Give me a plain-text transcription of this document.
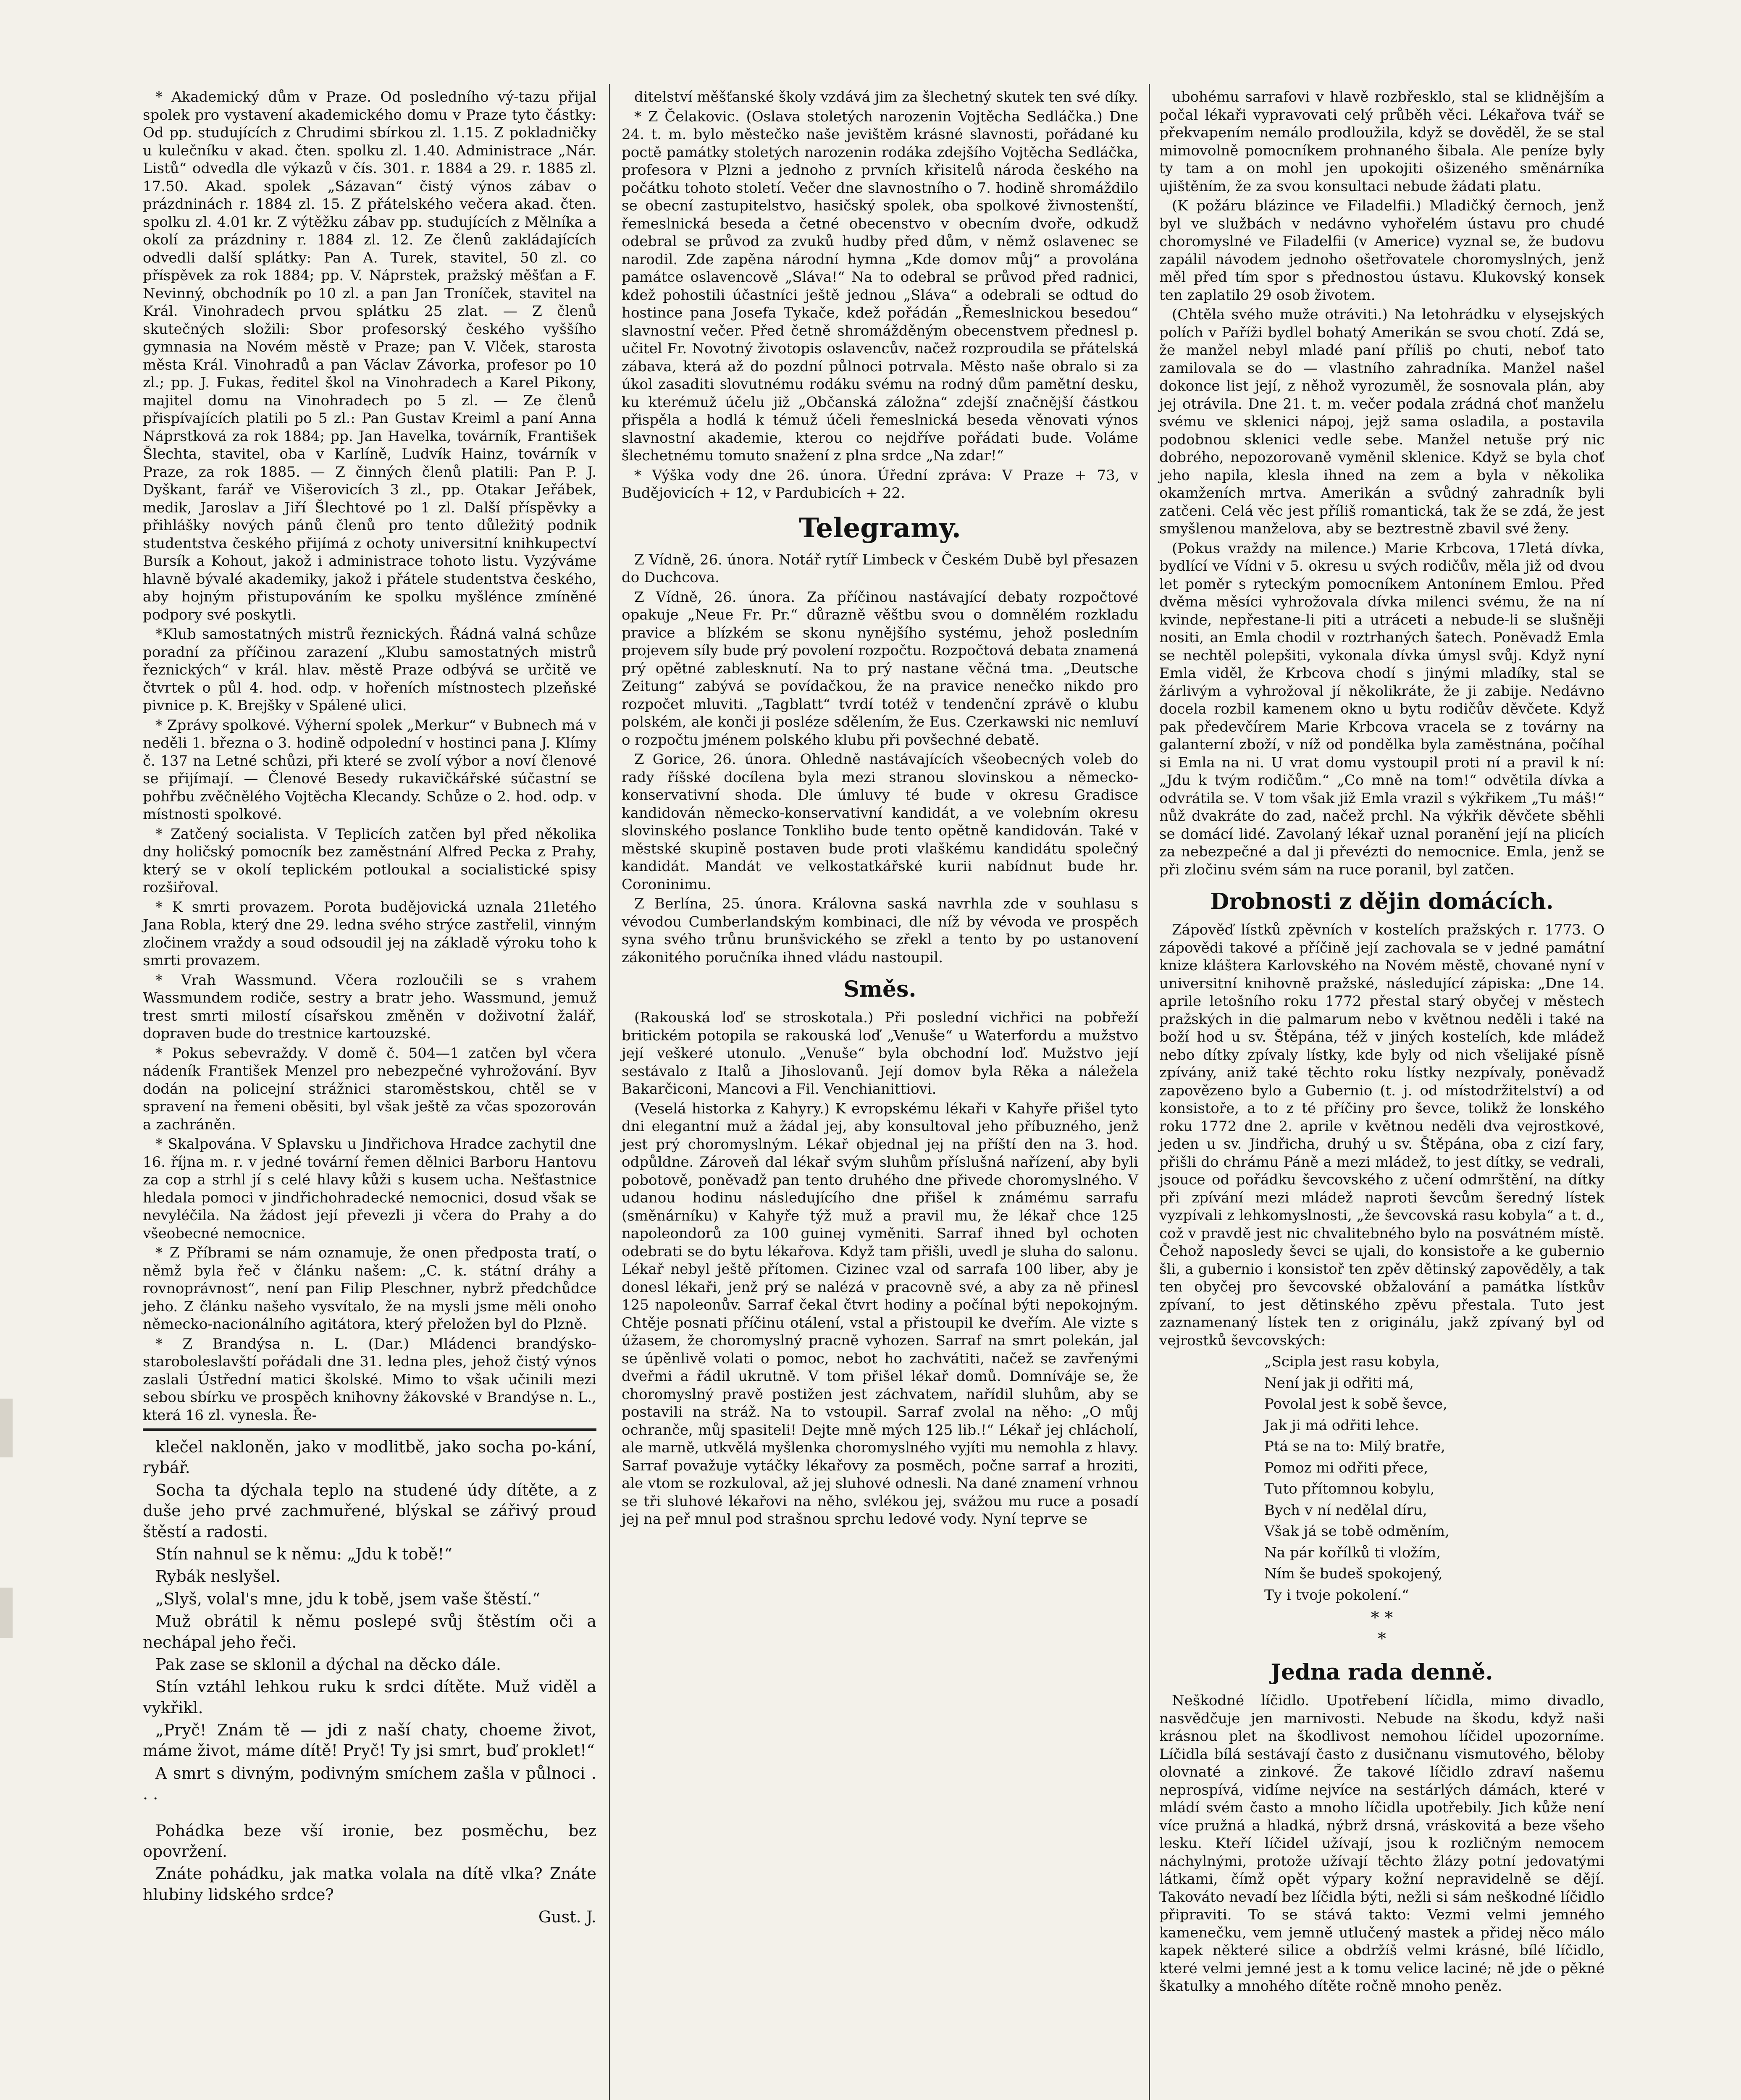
* Akademický dům v Praze. Od posledního vý-tazu přijal spolek pro vystavení akademického domu v Praze tyto částky: Od pp. studujících z Chrudimi sbírkou zl. 1.15. Z pokladničky u kulečníku v akad. čten. spolku zl. 1.40. Administrace „Nár. Listů“ odvedla dle výkazů v čís. 301. r. 1884 a 29. r. 1885 zl. 17.50. Akad. spolek „Sázavan“ čistý výnos zábav o prázdninách r. 1884 zl. 15. Z přátelského večera akad. čten. spolku zl. 4.01 kr. Z výtěžku zábav pp. studujících z Mělníka a okolí za prázdniny r. 1884 zl. 12. Ze členů zakládajících odvedli další splátky: Pan A. Turek, stavitel, 50 zl. co příspěvek za rok 1884; pp. V. Náprstek, pražský měšťan a F. Nevinný, obchodník po 10 zl. a pan Jan Troníček, stavitel na Král. Vinohradech prvou splátku 25 zlat. — Z členů skutečných složili: Sbor profesorský českého vyššího gymnasia na Novém městě v Praze; pan V. Vlček, starosta města Král. Vinohradů a pan Václav Závorka, profesor po 10 zl.; pp. J. Fukas, ředitel škol na Vinohradech a Karel Pikony, majitel domu na Vinohradech po 5 zl. — Ze členů přispívajících platili po 5 zl.: Pan Gustav Kreiml a paní Anna Náprstková za rok 1884; pp. Jan Havelka, továrník, František Šlechta, stavitel, oba v Karlíně, Ludvík Hainz, továrník v Praze, za rok 1885. — Z činných členů platili: Pan P. J. Dyškant, farář ve Višerovicích 3 zl., pp. Otakar Jeřábek, medik, Jaroslav a Jiří Šlechtové po 1 zl. Další příspěvky a přihlášky nových pánů členů pro tento důležitý podnik studentstva českého přijímá z ochoty universitní knihkupectví Bursík a Kohout, jakož i administrace tohoto listu. Vyzýváme hlavně bývalé akademiky, jakož i přátele studentstva českého, aby hojným přistupováním ke spolku myšlénce zmíněné podpory své poskytli.

*Klub samostatných mistrů řeznických. Řádná valná schůze poradní za příčinou zarazení „Klubu samostatných mistrů řeznických“ v král. hlav. městě Praze odbývá se určitě ve čtvrtek o půl 4. hod. odp. v hořeních místnostech plzeňské pivnice p. K. Brejšky v Spálené ulici.

* Zprávy spolkové. Výherní spolek „Merkur“ v Bubnech má v neděli 1. března o 3. hodině odpolední v hostinci pana J. Klímy č. 137 na Letné schůzi, při které se zvolí výbor a noví členové se přijímají. — Členové Besedy rukavičkářské súčastní se pohřbu zvěčnělého Vojtěcha Klecandy. Schůze o 2. hod. odp. v místnosti spolkové.

* Zatčený socialista. V Teplicích zatčen byl před několika dny holičský pomocník bez zaměstnání Alfred Pecka z Prahy, který se v okolí teplickém potloukal a socialistické spisy rozšiřoval.

* K smrti provazem. Porota budějovická uznala 21letého Jana Robla, který dne 29. ledna svého strýce zastřelil, vinným zločinem vraždy a soud odsoudil jej na základě výroku toho k smrti provazem.

* Vrah Wassmund. Včera rozloučili se s vrahem Wassmundem rodiče, sestry a bratr jeho. Wassmund, jemuž trest smrti milostí císařskou změněn v doživotní žalář, dopraven bude do trestnice kartouzské.

* Pokus sebevraždy. V domě č. 504—1 zatčen byl včera nádeník František Menzel pro nebezpečné vyhrožování. Byv dodán na policejní strážnici staroměstskou, chtěl se v spravení na řemeni oběsiti, byl však ještě za včas spozorován a zachráněn.

* Skalpována. V Splavsku u Jindřichova Hradce zachytil dne 16. října m. r. v jedné tovární řemen dělnici Barboru Hantovu za cop a strhl jí s celé hlavy kůži s kusem ucha. Nešťastnice hledala pomoci v jindřichohradecké nemocnici, dosud však se nevyléčila. Na žádost její převezli ji včera do Prahy a do všeobecné nemocnice.

* Z Příbrami se nám oznamuje, že onen předposta tratí, o němž byla řeč v článku našem: „C. k. státní dráhy a rovnoprávnost“, není pan Filip Pleschner, nybrž předchůdce jeho. Z článku našeho vysvítalo, že na mysli jsme měli onoho německo-nacionálního agitátora, který přeložen byl do Plzně.

* Z Brandýsa n. L. (Dar.) Mládenci brandýsko-staroboleslavští pořádali dne 31. ledna ples, jehož čistý výnos zaslali Ústřední matici školské. Mimo to však učinili mezi sebou sbírku ve prospěch knihovny žákovské v Brandýse n. L., která 16 zl. vynesla. Ře-

klečel nakloněn, jako v modlitbě, jako socha po-kání, rybář.

Socha ta dýchala teplo na studené údy dítěte, a z duše jeho prvé zachmuřené, blýskal se zářivý proud štěstí a radosti.

Stín nahnul se k němu: „Jdu k tobě!“

Rybák neslyšel.

„Slyš, volal's mne, jdu k tobě, jsem vaše štěstí.“

Muž obrátil k němu poslepé svůj štěstím oči a nechápal jeho řeči.

Pak zase se sklonil a dýchal na děcko dále.

Stín vztáhl lehkou ruku k srdci dítěte. Muž viděl a vykřikl.

„Pryč! Znám tě — jdi z naší chaty, choeme život, máme život, máme dítě! Pryč! Ty jsi smrt, buď proklet!“

A smrt s divným, podivným smíchem zašla v půlnoci . . .

Pohádka beze vší ironie, bez posměchu, bez opovržení.

Znáte pohádku, jak matka volala na dítě vlka? Znáte hlubiny lidského srdce?

Gust. J.

ditelství měšťanské školy vzdává jim za šlechetný skutek ten své díky.

* Z Čelakovic. (Oslava stoletých narozenin Vojtěcha Sedláčka.) Dne 24. t. m. bylo městečko naše jevištěm krásné slavnosti, pořádané ku poctě památky stoletých narozenin rodáka zdejšího Vojtěcha Sedláčka, profesora v Plzni a jednoho z prvních křisitelů národa českého na počátku tohoto století. Večer dne slavnostního o 7. hodině shromáždilo se obecní zastupitelstvo, hasičský spolek, oba spolkové živnostenští, řemeslnická beseda a četné obecenstvo v obecním dvoře, odkudž odebral se průvod za zvuků hudby před dům, v němž oslavenec se narodil. Zde zapěna národní hymna „Kde domov můj“ a provolána památce oslavencově „Sláva!“ Na to odebral se průvod před radnici, kdež pohostili účastníci ještě jednou „Sláva“ a odebrali se odtud do hostince pana Josefa Tykače, kdež pořádán „Řemeslnickou besedou“ slavnostní večer. Před četně shromážděným obecenstvem přednesl p. učitel Fr. Novotný životopis oslavencův, načež rozproudila se přátelská zábava, která až do pozdní půlnoci potrvala. Město naše obralo si za úkol zasaditi slovutnému rodáku svému na rodný dům pamětní desku, ku kterémuž účelu již „Občanská záložna“ zdejší značnější částkou přispěla a hodlá k témuž účeli řemeslnická beseda věnovati výnos slavnostní akademie, kterou co nejdříve pořádati bude. Voláme šlechetnému tomuto snažení z plna srdce „Na zdar!“

* Výška vody dne 26. února. Úřední zpráva: V Praze + 73, v Budějovicích + 12, v Pardubicích + 22.

Telegramy.

Z Vídně, 26. února. Notář rytíř Limbeck v Českém Dubě byl přesazen do Duchcova.

Z Vídně, 26. února. Za příčinou nastávající debaty rozpočtové opakuje „Neue Fr. Pr.“ důrazně věštbu svou o domnělém rozkladu pravice a blízkém se skonu nynějšího systému, jehož posledním projevem síly bude prý povolení rozpočtu. Rozpočtová debata znamená prý opětné zablesknutí. Na to prý nastane věčná tma. „Deutsche Zeitung“ zabývá se povídačkou, že na pravice nenečko nikdo pro rozpočet mluviti. „Tagblatt“ tvrdí totéž v tendenční zprávě o klubu polském, ale konči ji posléze sdělením, že Eus. Czerkawski nic nemluví o rozpočtu jménem polského klubu při povšechné debatě.

Z Gorice, 26. února. Ohledně nastávajících všeobecných voleb do rady říšské docílena byla mezi stranou slovinskou a německo-konservativní shoda. Dle úmluvy té bude v okresu Gradisce kandidován německo-konservativní kandidát, a ve volebním okresu slovinského poslance Tonkliho bude tento opětně kandidován. Také v městské skupině postaven bude proti vlaškému kandidátu společný kandidát. Mandát ve velkostatkářské kurii nabídnut bude hr. Coroninimu.

Z Berlína, 25. února. Královna saská navrhla zde v souhlasu s vévodou Cumberlandským kombinaci, dle níž by vévoda ve prospěch syna svého trůnu brunšvického se zřekl a tento by po ustanovení zákonitého poručníka ihned vládu nastoupil.

Směs.

(Rakouská loď se stroskotala.) Při poslední vichřici na pobřeží britickém potopila se rakouská loď „Venuše“ u Waterfordu a mužstvo její veškeré utonulo. „Venuše“ byla obchodní loď. Mužstvo její sestávalo z Italů a Jihoslovanů. Její domov byla Rěka a náležela Bakarčiconi, Mancovi a Fil. Venchianittiovi.

(Veselá historka z Kahyry.) K evropskému lékaři v Kahyře přišel tyto dni elegantní muž a žádal jej, aby konsultoval jeho příbuzného, jenž jest prý choromyslným. Lékař objednal jej na příští den na 3. hod. odpůldne. Zároveň dal lékař svým sluhům příslušná nařízení, aby byli pobotově, poněvadž pan tento druhého dne přivede choromyslného. V udanou hodinu následujícího dne přišel k známému sarrafu (směnárníku) v Kahyře týž muž a pravil mu, že lékař chce 125 napoleondorů za 100 guinej vyměniti. Sarraf ihned byl ochoten odebrati se do bytu lékařova. Když tam přišli, uvedl je sluha do salonu. Lékař nebyl ještě přítomen. Cizinec vzal od sarrafa 100 liber, aby je donesl lékaři, jenž prý se nalézá v pracovně své, a aby za ně přinesl 125 napoleonův. Sarraf čekal čtvrt hodiny a počínal býti nepokojným. Chtěje posnati příčinu otálení, vstal a přistoupil ke dveřím. Ale vizte s úžasem, že choromyslný pracně vyhozen. Sarraf na smrt polekán, jal se úpěnlivě volati o pomoc, nebot ho zachvátiti, načež se zavřenými dveřmi a řádil ukrutně. V tom přišel lékař domů. Domníváje se, že choromyslný pravě postižen jest záchvatem, nařídil sluhům, aby se postavili na stráž. Na to vstoupil. Sarraf zvolal na něho: „O můj ochranče, můj spasiteli! Dejte mně mých 125 lib.!“ Lékař jej chlácholí, ale marně, utkvělá myšlenka choromyslného vyjíti mu nemohla z hlavy. Sarraf považuje vytáčky lékařovy za posměch, počne sarraf a hroziti, ale vtom se rozkuloval, až jej sluhové odnesli. Na dané znamení vrhnou se tři sluhové lékařovi na něho, svlékou jej, svážou mu ruce a posadí jej na peř mnul pod strašnou sprchu ledové vody. Nyní teprve se

ubohému sarrafovi v hlavě rozbřesklo, stal se klidnějším a počal lékaři vypravovati celý průběh věci. Lékařova tvář se překvapením nemálo prodloužila, když se dověděl, že se stal mimovolně pomocníkem prohnaného šibala. Ale peníze byly ty tam a on mohl jen upokojiti ošizeného směnárníka ujištěním, že za svou konsultaci nebude žádati platu.

(K požáru blázince ve Filadelfii.) Mladičký černoch, jenž byl ve službách v nedávno vyhořelém ústavu pro chudé choromyslné ve Filadelfii (v Americe) vyznal se, že budovu zapálil návodem jednoho ošetřovatele choromyslných, jenž měl před tím spor s přednostou ústavu. Klukovský konsek ten zaplatilo 29 osob životem.

(Chtěla svého muže otráviti.) Na letohrádku v elysejských polích v Paříži bydlel bohatý Amerikán se svou chotí. Zdá se, že manžel nebyl mladé paní příliš po chuti, neboť tato zamilovala se do — vlastního zahradníka. Manžel našel dokonce list její, z něhož vyrozuměl, že sosnovala plán, aby jej otrávila. Dne 21. t. m. večer podala zrádná choť manželu svému ve sklenici nápoj, jejž sama osladila, a postavila podobnou sklenici vedle sebe. Manžel netuše prý nic dobrého, nepozorovaně vyměnil sklenice. Když se byla choť jeho napila, klesla ihned na zem a byla v několika okamženích mrtva. Amerikán a svůdný zahradník byli zatčeni. Celá věc jest příliš romantická, tak že se zdá, že jest smyšlenou manželova, aby se beztrestně zbavil své ženy.

(Pokus vraždy na milence.) Marie Krbcova, 17letá dívka, bydlící ve Vídni v 5. okresu u svých rodičův, měla již od dvou let poměr s ryteckým pomocníkem Antonínem Emlou. Před dvěma měsíci vyhrožovala dívka milenci svému, že na ní kvinde, nepřestane-li piti a utráceti a nebude-li se slušněji nositi, an Emla chodil v roztrhaných šatech. Poněvadž Emla se nechtěl polepšiti, vykonala dívka úmysl svůj. Když nyní Emla viděl, že Krbcova chodí s jinými mladíky, stal se žárlivým a vyhrožoval jí několikráte, že ji zabije. Nedávno docela rozbil kamenem okno u bytu rodičův děvčete. Když pak předevčírem Marie Krbcova vracela se z továrny na galanterní zboží, v níž od pondělka byla zaměstnána, počíhal si Emla na ni. U vrat domu vystoupil proti ní a pravil k ní: „Jdu k tvým rodičům.“ „Co mně na tom!“ odvětila dívka a odvrátila se. V tom však již Emla vrazil s výkřikem „Tu máš!“ nůž dvakráte do zad, načež prchl. Na výkřik děvčete sběhli se domácí lidé. Zavolaný lékař uznal poranění její na plicích za nebezpečné a dal ji převézti do nemocnice. Emla, jenž se při zločinu svém sám na ruce poranil, byl zatčen.

Drobnosti z dějin domácích.

Zápověď lístků zpěvních v kostelích pražských r. 1773. O zápovědi takové a příčině její zachovala se v jedné památní knize kláštera Karlovského na Novém městě, chované nyní v universitní knihovně pražské, následující zápiska: „Dne 14. aprile letošního roku 1772 přestal starý obyčej v městech pražských in die palmarum nebo v květnou neděli i také na boží hod u sv. Štěpána, též v jiných kostelích, kde mládež nebo dítky zpívaly lístky, kde byly od nich všelijaké písně zpívány, aniž také těchto roku lístky nezpívaly, poněvadž zapovězeno bylo a Gubernio (t. j. od místodržitelství) a od konsistoře, a to z té příčiny pro ševce, tolikž že lonského roku 1772 dne 2. aprile v květnou neděli dva vejrostkové, jeden u sv. Jindřicha, druhý u sv. Štěpána, oba z cizí fary, přišli do chrámu Páně a mezi mládež, to jest dítky, se vedrali, jsouce od pořádku ševcovského z učení odmrštění, na dítky při zpívání mezi mládež naproti ševcům šeredný lístek vyzpívali z lehkomyslnosti, „že ševcovská rasu kobyla“ a t. d., což v pravdě jest nic chvalitebného bylo na posvátném místě. Čehož naposledy ševci se ujali, do konsistoře a ke gubernio šli, a gubernio i konsistoř ten zpěv dětinský zapověděly, a tak ten obyčej pro ševcovské obžalování a památka lístkův zpívaní, to jest dětinského zpěvu přestala. Tuto jest zaznamenaný lístek ten z originálu, jakž zpívaný byl od vejrostků ševcovských:

„Scipla jest rasu kobyla,

Není jak ji odřiti má,

Povolal jest k sobě ševce,

Jak ji má odřiti lehce.

Ptá se na to: Milý bratře,

Pomoz mi odřiti přece,

Tuto přítomnou kobylu,

Bych v ní nedělal díru,

Však já se tobě odměním,

Na pár kořílků ti vložím,

Ním še budeš spokojený,

Ty i tvoje pokolení.“

* *
*

Jedna rada denně.

Neškodné líčidlo. Upotřebení líčidla, mimo divadlo, nasvědčuje jen marnivosti. Nebude na škodu, když naši krásnou plet na škodlivost nemohou líčidel upozorníme. Líčidla bílá sestávají často z dusičnanu vismutového, běloby olovnaté a zinkové. Že takové líčidlo zdraví našemu neprospívá, vidíme nejvíce na sestárlých dámách, které v mládí svém často a mnoho líčidla upotřebily. Jich kůže není více pružná a hladká, nýbrž drsná, vráskovitá a beze všeho lesku. Kteří líčidel užívají, jsou k rozličným nemocem náchylnými, protože užívají těchto žlázy potní jedovatými látkami, čímž opět výpary kožní nepravidelně se dějí. Takováto nevadí bez líčidla býti, nežli si sám neškodné líčidlo připraviti. To se stává takto: Vezmi velmi jemného kamenečku, vem jemně utlučený mastek a přidej něco málo kapek některé silice a obdržíš velmi krásné, bílé líčidlo, které velmi jemné jest a k tomu velice laciné; ně jde o pěkné škatulky a mnohého dítěte ročně mnoho peněz.
